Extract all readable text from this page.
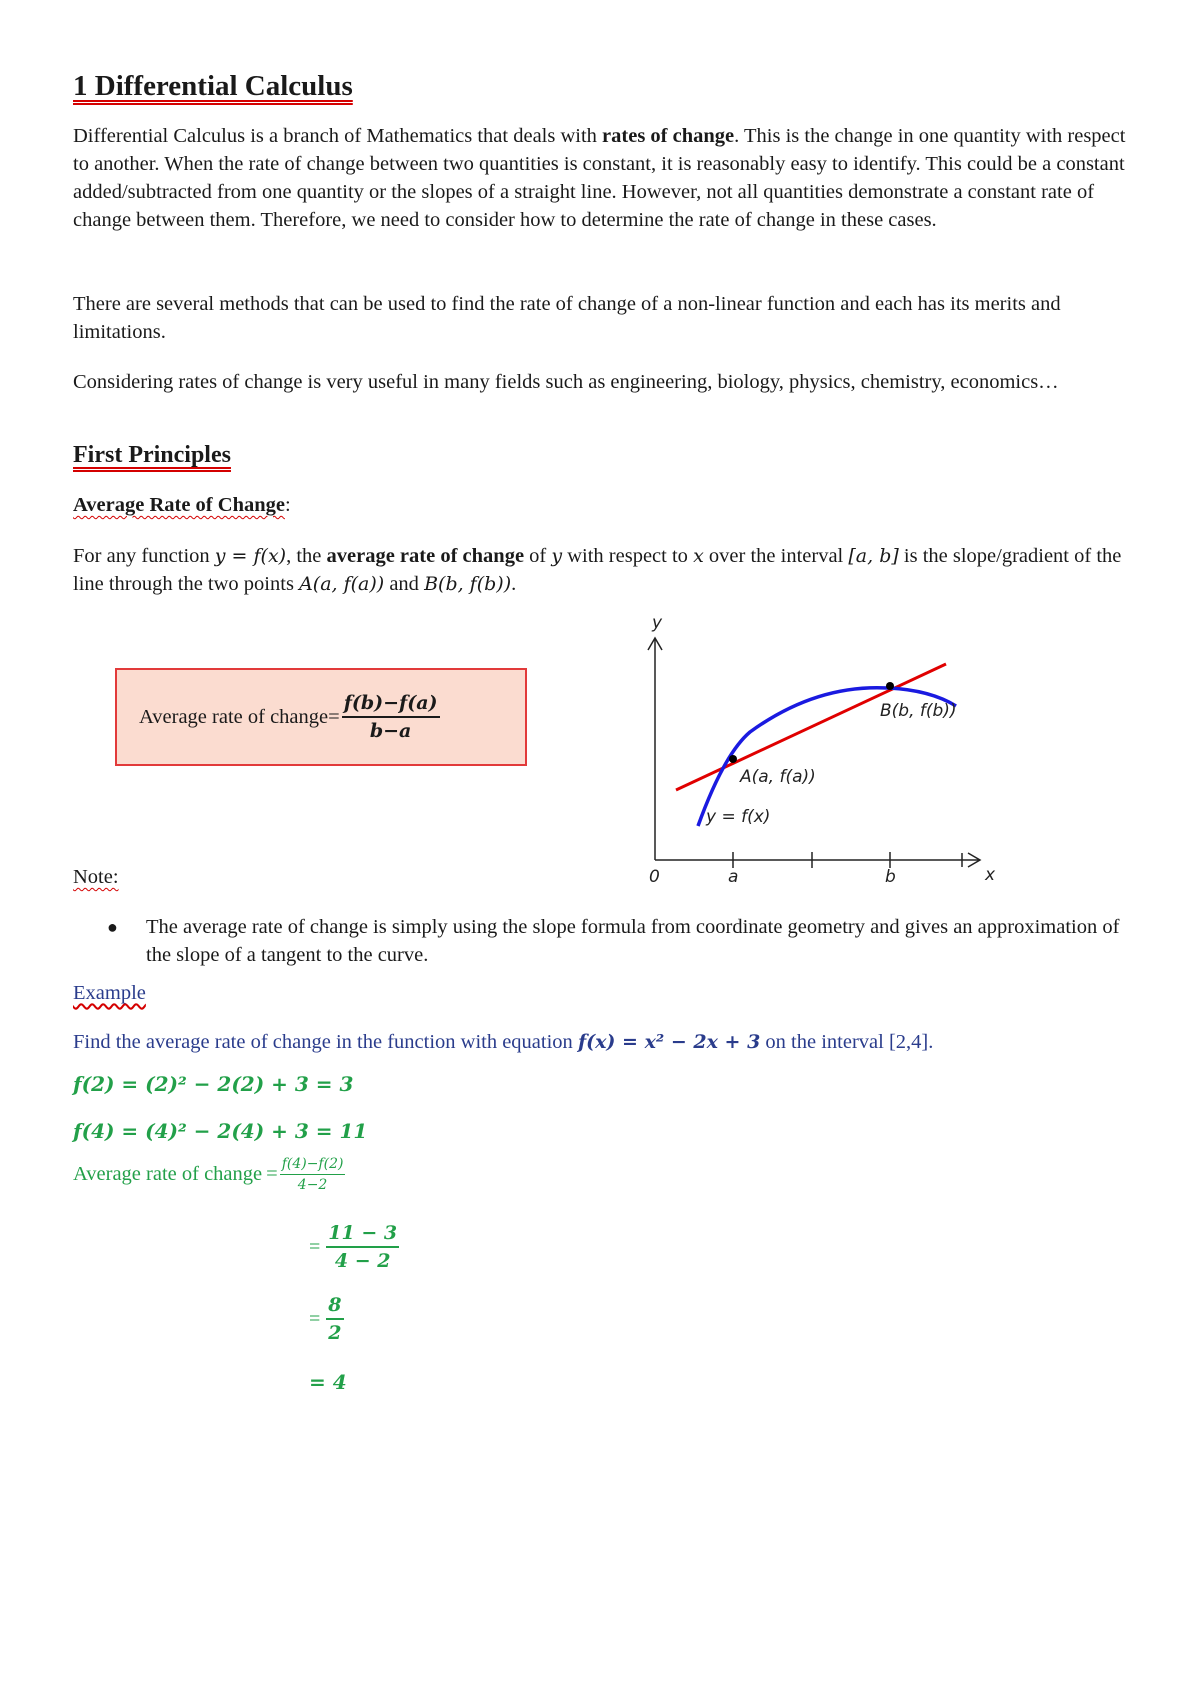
1 Differential Calculus

Differential Calculus is a branch of Mathematics that deals with rates of change. This is the change in one quantity with respect to another. When the rate of change between two quantities is constant, it is reasonably easy to identify. This could be a constant added/subtracted from one quantity or the slopes of a straight line. However, not all quantities demonstrate a constant rate of change between them. Therefore, we need to consider how to determine the rate of change in these cases.

There are several methods that can be used to find the rate of change of a non-linear function and each has its merits and limitations.

Considering rates of change is very useful in many fields such as engineering, biology, physics, chemistry, economics…

First Principles
Average Rate of Change:

For any function y = f(x), the average rate of change of y with respect to x over the interval [a, b] is the slope/gradient of the line through the two points A(a, f(a)) and B(b, f(b)).

Average rate of change = $\frac{f(b)-f(a)}{b-a}$
Note:
● The average rate of change is simply using the slope formula from coordinate geometry and gives an approximation of the slope of a tangent to the curve.
Example

Find the average rate of change in the function with equation f(x) = x² − 2x + 3 on the interval [2,4].

f(2) = (2)² − 2(2) + 3 = 3
f(4) = (4)² − 2(4) + 3 = 11
Average rate of change = $\frac{f(4)-f(2)}{4-2}$
= $\frac{11 - 3}{4 - 2}$
= $\frac{8}{2}$
= 4
y
x
0	a	b
A(a, f(a))
B(b, f(b))
y = f(x)
